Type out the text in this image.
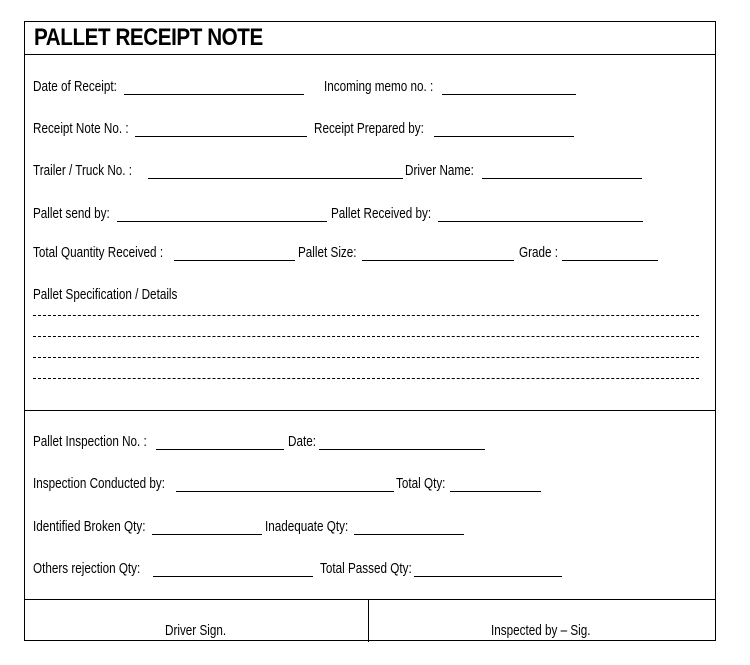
PALLET RECEIPT NOTE
Date of Receipt:	Incoming memo no. :
Receipt Note No. :	Receipt Prepared by:
Trailer / Truck No. :	Driver Name:
Pallet send by:	Pallet Received by:
Total Quantity Received :	Pallet Size:	Grade :
Pallet Specification / Details
Pallet Inspection No. :	Date:
Inspection Conducted by:	Total Qty:
Identified Broken Qty:	Inadequate Qty:
Others rejection Qty:	Total Passed Qty:
Driver Sign.	Inspected by – Sig.
